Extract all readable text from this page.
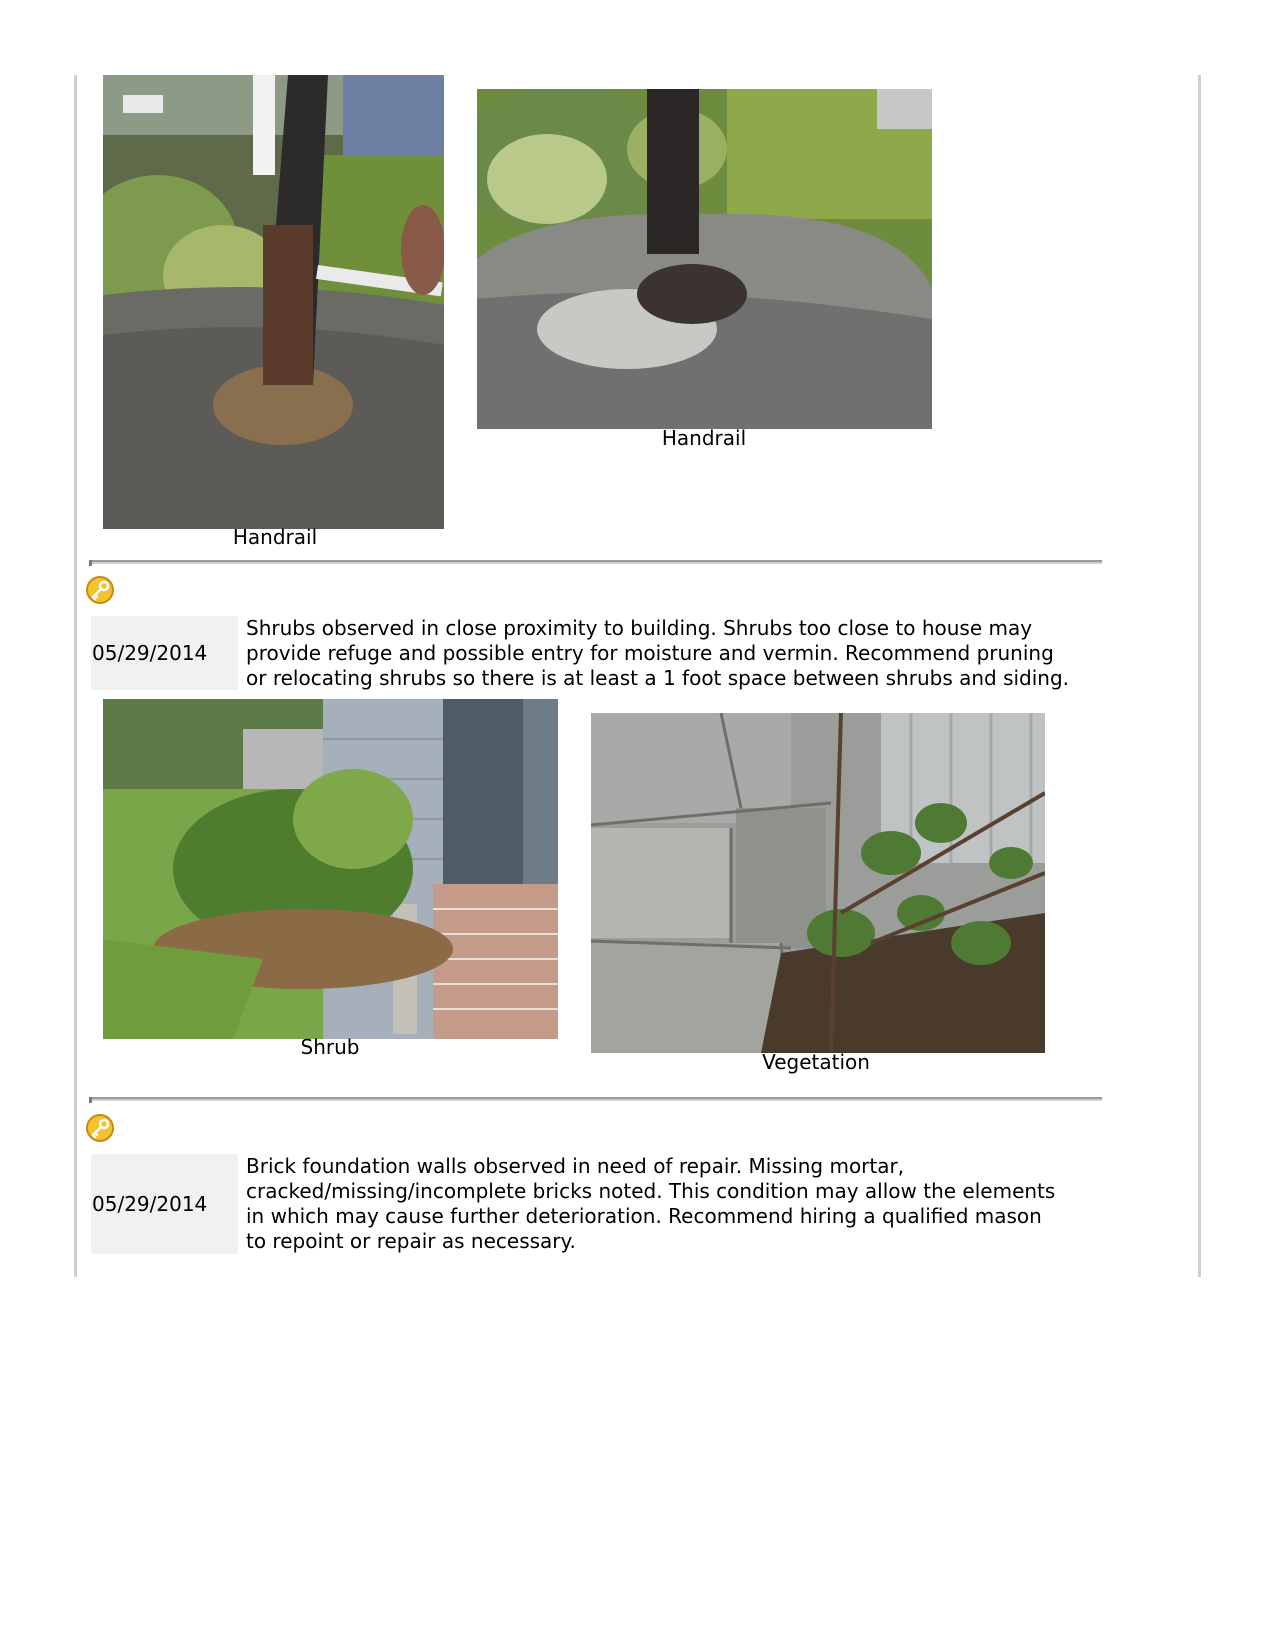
Handrail
Handrail
05/29/2014
Shrubs observed in close proximity to building. Shrubs too close to house may
provide refuge and possible entry for moisture and vermin. Recommend pruning
or relocating shrubs so there is at least a 1 foot space between shrubs and siding.
Shrub
Vegetation
05/29/2014
Brick foundation walls observed in need of repair. Missing mortar,
cracked/missing/incomplete bricks noted. This condition may allow the elements
in which may cause further deterioration. Recommend hiring a qualified mason
to repoint or repair as necessary.
